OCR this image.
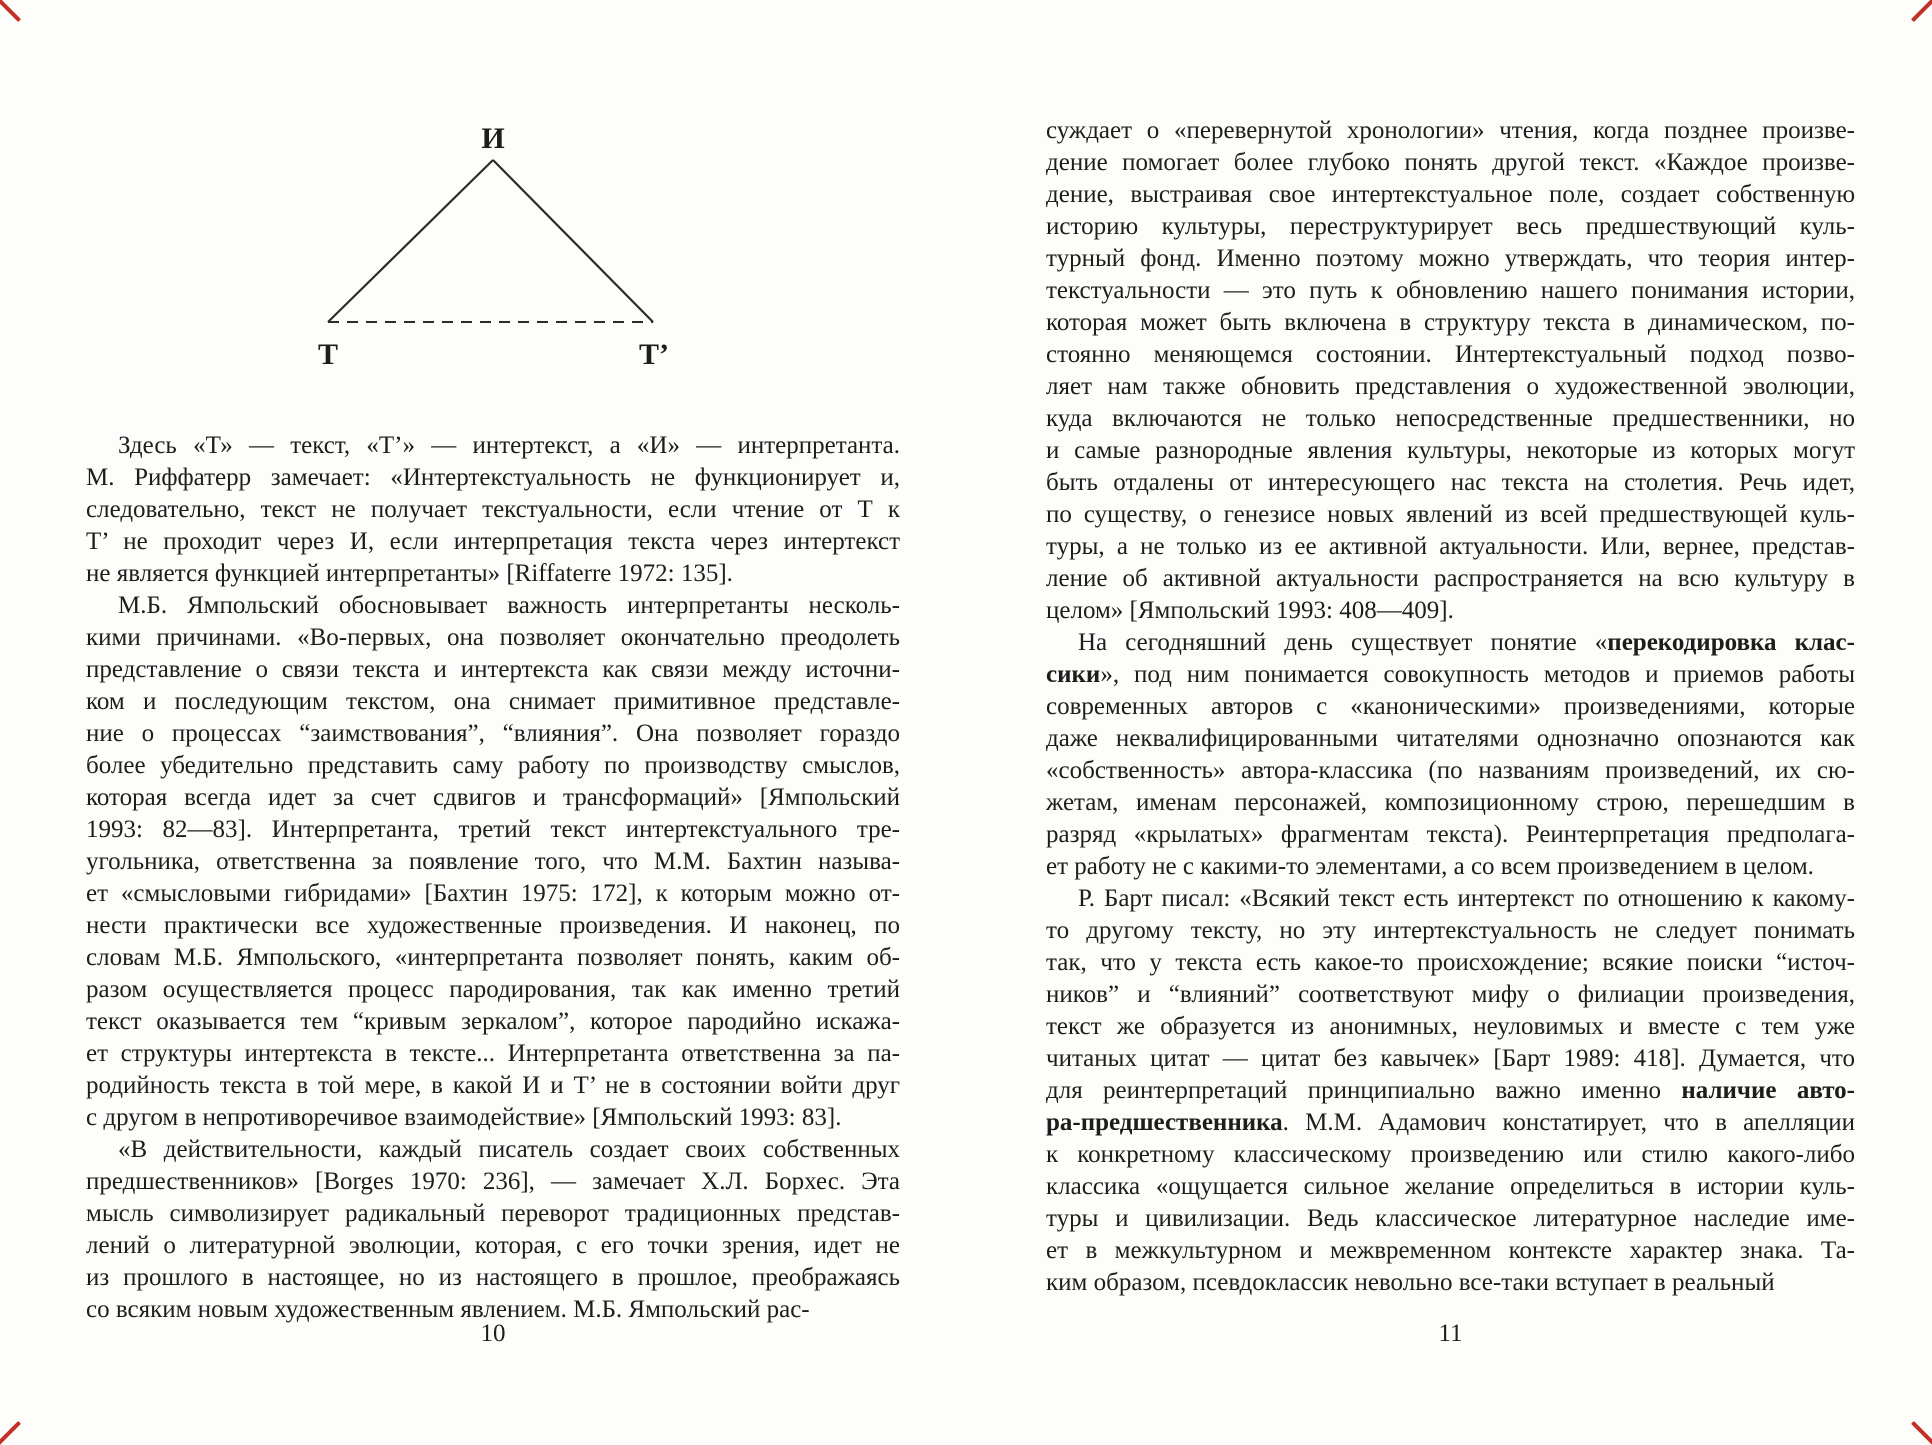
И
Т	Т’
Здесь «Т» — текст, «Т’» — интертекст, а «И» — интерпретанта.
М. Риффатерр замечает: «Интертекстуальность не функционирует и,
следовательно, текст не получает текстуальности, если чтение от Т к
Т’ не проходит через И, если интерпретация текста через интертекст
не является функцией интерпретанты» [Riffaterre 1972: 135].
М.Б. Ямпольский обосновывает важность интерпретанты несколь-
кими причинами. «Во-первых, она позволяет окончательно преодолеть
представление о связи текста и интертекста как связи между источни-
ком и последующим текстом, она снимает примитивное представле-
ние о процессах “заимствования”, “влияния”. Она позволяет гораздо
более убедительно представить саму работу по производству смыслов,
которая всегда идет за счет сдвигов и трансформаций» [Ямпольский
1993: 82—83]. Интерпретанта, третий текст интертекстуального тре-
угольника, ответственна за появление того, что М.М. Бахтин называ-
ет «смысловыми гибридами» [Бахтин 1975: 172], к которым можно от-
нести практически все художественные произведения. И наконец, по
словам М.Б. Ямпольского, «интерпретанта позволяет понять, каким об-
разом осуществляется процесс пародирования, так как именно третий
текст оказывается тем “кривым зеркалом”, которое пародийно искажа-
ет структуры интертекста в тексте... Интерпретанта ответственна за па-
родийность текста в той мере, в какой И и Т’ не в состоянии войти друг
с другом в непротиворечивое взаимодействие» [Ямпольский 1993: 83].
«В действительности, каждый писатель создает своих собственных
предшественников» [Borges 1970: 236], — замечает Х.Л. Борхес. Эта
мысль символизирует радикальный переворот традиционных представ-
лений о литературной эволюции, которая, с его точки зрения, идет не
из прошлого в настоящее, но из настоящего в прошлое, преображаясь
со всяким новым художественным явлением. М.Б. Ямпольский рас-
суждает о «перевернутой хронологии» чтения, когда позднее произве-
дение помогает более глубоко понять другой текст. «Каждое произве-
дение, выстраивая свое интертекстуальное поле, создает собственную
историю культуры, переструктурирует весь предшествующий куль-
турный фонд. Именно поэтому можно утверждать, что теория интер-
текстуальности — это путь к обновлению нашего понимания истории,
которая может быть включена в структуру текста в динамическом, по-
стоянно меняющемся состоянии. Интертекстуальный подход позво-
ляет нам также обновить представления о художественной эволюции,
куда включаются не только непосредственные предшественники, но
и самые разнородные явления культуры, некоторые из которых могут
быть отдалены от интересующего нас текста на столетия. Речь идет,
по существу, о генезисе новых явлений из всей предшествующей куль-
туры, а не только из ее активной актуальности. Или, вернее, представ-
ление об активной актуальности распространяется на всю культуру в
целом» [Ямпольский 1993: 408—409].
На сегодняшний день существует понятие «перекодировка клас-
сики», под ним понимается совокупность методов и приемов работы
современных авторов с «каноническими» произведениями, которые
даже неквалифицированными читателями однозначно опознаются как
«собственность» автора-классика (по названиям произведений, их сю-
жетам, именам персонажей, композиционному строю, перешедшим в
разряд «крылатых» фрагментам текста). Реинтерпретация предполага-
ет работу не с какими-то элементами, а со всем произведением в целом.
Р. Барт писал: «Всякий текст есть интертекст по отношению к какому-
то другому тексту, но эту интертекстуальность не следует понимать
так, что у текста есть какое-то происхождение; всякие поиски “источ-
ников” и “влияний” соответствуют мифу о филиации произведения,
текст же образуется из анонимных, неуловимых и вместе с тем уже
читаных цитат — цитат без кавычек» [Барт 1989: 418]. Думается, что
для реинтерпретаций принципиально важно именно наличие авто-
ра-предшественника. М.М. Адамович констатирует, что в апелляции
к конкретному классическому произведению или стилю какого-либо
классика «ощущается сильное желание определиться в истории куль-
туры и цивилизации. Ведь классическое литературное наследие име-
ет в межкультурном и межвременном контексте характер знака. Та-
ким образом, псевдоклассик невольно все-таки вступает в реальный
10	11
